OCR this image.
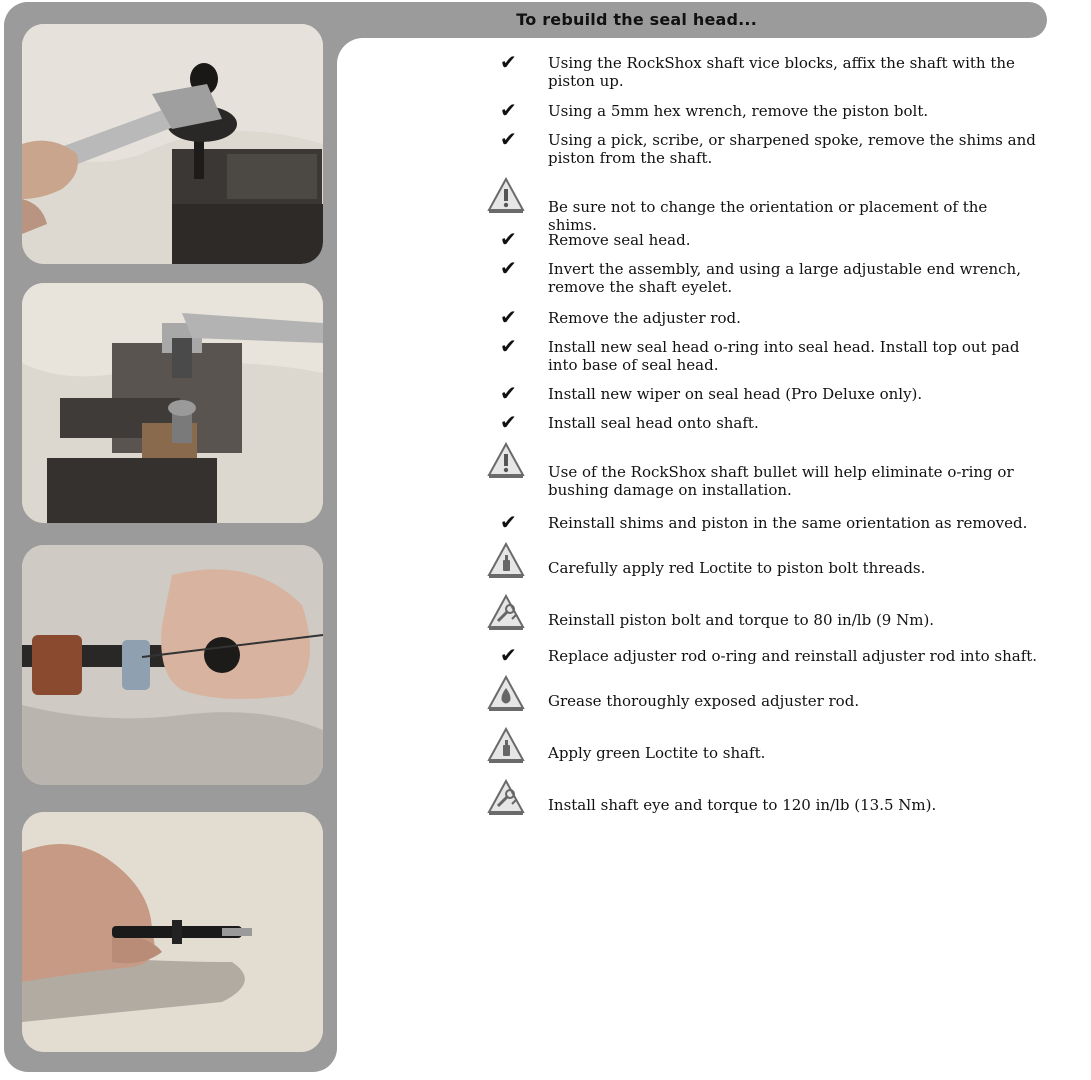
To rebuild the seal head...
✔ Using the RockShox shaft vice blocks, affix the shaft with the piston up.
✔ Using a 5mm hex wrench, remove the piston bolt.
✔ Using a pick, scribe, or sharpened spoke, remove the shims and piston from the shaft.
Be sure not to change the orientation or placement of the shims.
✔ Remove seal head.
✔ Invert the assembly, and using a large adjustable end wrench, remove the shaft eyelet.
✔ Remove the adjuster rod.
✔ Install new seal head o-ring into seal head. Install top out pad into base of seal head.
✔ Install new wiper on seal head (Pro Deluxe only).
✔ Install seal head onto shaft.
Use of the RockShox shaft bullet will help eliminate o-ring or bushing damage on installation.
✔ Reinstall shims and piston in the same orientation as removed.
Carefully apply red Loctite to piston bolt threads.
Reinstall piston bolt and torque to 80 in/lb (9 Nm).
✔ Replace adjuster rod o-ring and reinstall adjuster rod into shaft.
Grease thoroughly exposed adjuster rod.
Apply green Loctite to shaft.
Install shaft eye and torque to 120 in/lb (13.5 Nm).
